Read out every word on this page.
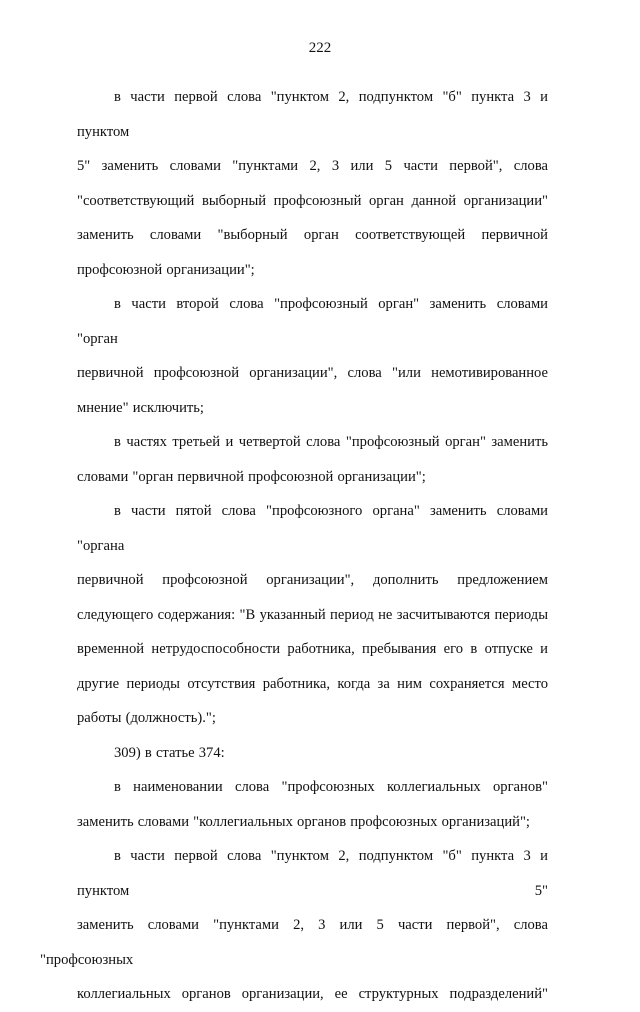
222

в части первой слова "пунктом 2, подпунктом "б" пункта 3 и пунктом
5" заменить словами "пунктами 2, 3 или 5 части первой", слова
"соответствующий выборный профсоюзный орган данной организации"
заменить словами "выборный орган соответствующей первичной
профсоюзной организации";

в части второй слова "профсоюзный орган" заменить словами "орган
первичной профсоюзной организации", слова "или немотивированное
мнение" исключить;

в частях третьей и четвертой слова "профсоюзный орган" заменить
словами "орган первичной профсоюзной организации";

в части пятой слова "профсоюзного органа" заменить словами "органа
первичной профсоюзной организации", дополнить предложением
следующего содержания: "В указанный период не засчитываются периоды
временной нетрудоспособности работника, пребывания его в отпуске и
другие периоды отсутствия работника, когда за ним сохраняется место
работы (должность).";

309) в статье 374:

в наименовании слова "профсоюзных коллегиальных органов"
заменить словами "коллегиальных органов профсоюзных организаций";

в части первой слова "пунктом 2, подпунктом "б" пункта 3 и пунктом 5"
заменить словами "пунктами 2, 3 или 5 части первой", слова "профсоюзных
коллегиальных органов организации, ее структурных подразделений"
